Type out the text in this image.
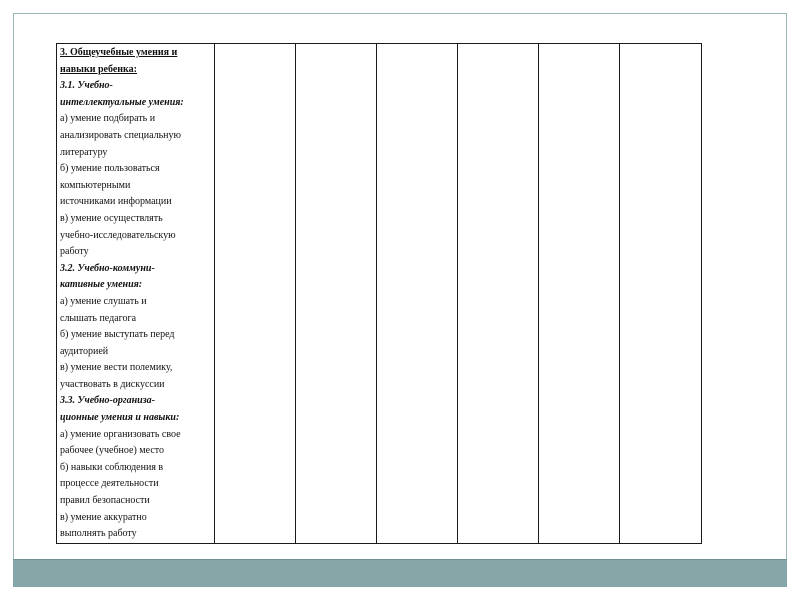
3. Общеучебные умения и
навыки ребенка:
3.1. Учебно-
интеллектуальные умения:
а) умение подбирать и
анализировать специальную
литературу
б) умение пользоваться
компьютерными
источниками информации
в) умение осуществлять
учебно-исследовательскую
работу
3.2. Учебно-коммуни-
кативные умения:
а) умение слушать и
слышать педагога
б) умение выступать перед
аудиторией
в) умение вести полемику,
участвовать в дискуссии
3.3. Учебно-организа-
ционные умения и навыки:
а) умение организовать свое
рабочее (учебное) место
б) навыки соблюдения в
процессе деятельности
правил безопасности
в) умение аккуратно
выполнять работу
